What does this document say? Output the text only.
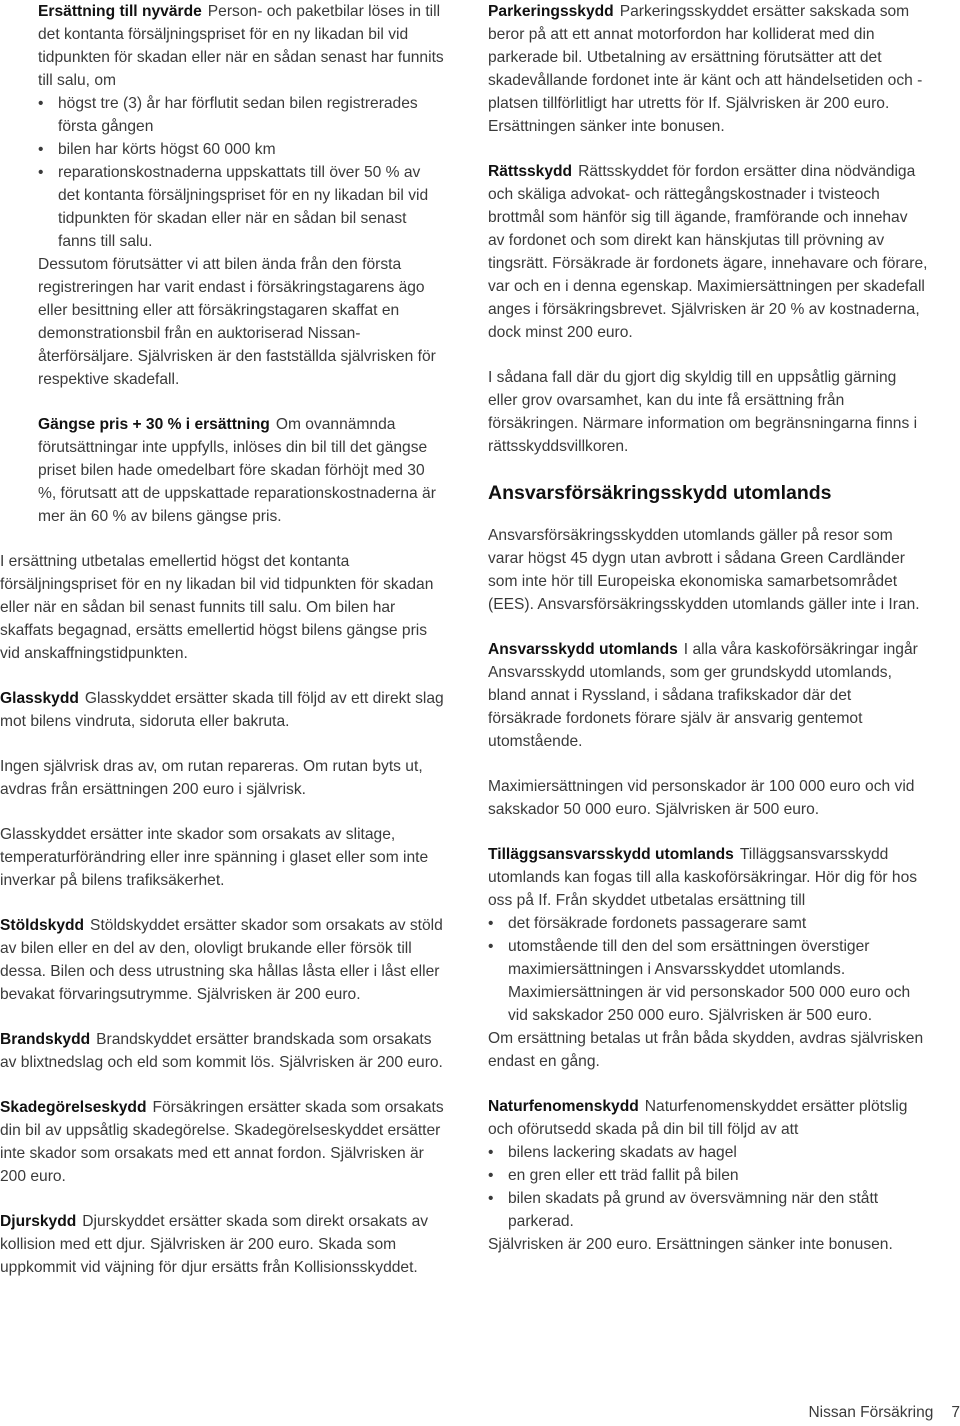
Ersättning till nyvärde Person- och paketbilar löses in till det kontanta försäljningspriset för en ny likadan bil vid tidpunkten för skadan eller när en sådan senast har funnits till salu, om
• högst tre (3) år har förflutit sedan bilen registrerades första gången
• bilen har körts högst 60 000 km
• reparationskostnaderna uppskattats till över 50 % av det kontanta försäljningspriset för en ny likadan bil vid tidpunkten för skadan eller när en sådan bil senast fanns till salu.

Dessutom förutsätter vi att bilen ända från den första registreringen har varit endast i försäkringstagarens ägo eller besittning eller att försäkringstagaren skaffat en demonstrationsbil från en auktoriserad Nissan-återförsäljare. Självrisken är den fastställda självrisken för respektive skadefall.

Gängse pris + 30 % i ersättning Om ovannämnda förutsättningar inte uppfylls, inlöses din bil till det gängse priset bilen hade omedelbart före skadan förhöjt med 30 %, förutsatt att de uppskattade reparationskostnaderna är mer än 60 % av bilens gängse pris.

I ersättning utbetalas emellertid högst det kontanta försäljningspriset för en ny likadan bil vid tidpunkten för skadan eller när en sådan bil senast funnits till salu. Om bilen har skaffats begagnad, ersätts emellertid högst bilens gängse pris vid anskaffningstidpunkten.

Glasskydd Glasskyddet ersätter skada till följd av ett direkt slag mot bilens vindruta, sidoruta eller bakruta.

Ingen självrisk dras av, om rutan repareras. Om rutan byts ut, avdras från ersättningen 200 euro i självrisk.

Glasskyddet ersätter inte skador som orsakats av slitage, temperaturförändring eller inre spänning i glaset eller som inte inverkar på bilens trafiksäkerhet.

Stöldskydd Stöldskyddet ersätter skador som orsakats av stöld av bilen eller en del av den, olovligt brukande eller försök till dessa. Bilen och dess utrustning ska hållas låsta eller i låst eller bevakat förvaringsutrymme. Självrisken är 200 euro.

Brandskydd Brandskyddet ersätter brandskada som orsakats av blixtnedslag och eld som kommit lös. Självrisken är 200 euro.

Skadegörelseskydd Försäkringen ersätter skada som orsakats din bil av uppsåtlig skadegörelse. Skadegörelseskyddet ersätter inte skador som orsakats med ett annat fordon. Självrisken är 200 euro.

Djurskydd Djurskyddet ersätter skada som direkt orsakats av kollision med ett djur. Självrisken är 200 euro. Skada som uppkommit vid väjning för djur ersätts från Kollisionsskyddet.

Parkeringsskydd Parkeringsskyddet ersätter sakskada som beror på att ett annat motorfordon har kolliderat med din parkerade bil. Utbetalning av ersättning förutsätter att det skadevållande fordonet inte är känt och att händelsetiden och -platsen tillförlitligt har utretts för If. Självrisken är 200 euro. Ersättningen sänker inte bonusen.

Rättsskydd Rättsskyddet för fordon ersätter dina nödvändiga och skäliga advokat- och rättegångskostnader i tvisteoch brottmål som hänför sig till ägande, framförande och innehav av fordonet och som direkt kan hänskjutas till prövning av tingsrätt. Försäkrade är fordonets ägare, innehavare och förare, var och en i denna egenskap. Maximiersättningen per skadefall anges i försäkringsbrevet. Självrisken är 20 % av kostnaderna, dock minst 200 euro.

I sådana fall där du gjort dig skyldig till en uppsåtlig gärning eller grov ovarsamhet, kan du inte få ersättning från försäkringen. Närmare information om begränsningarna finns i rättsskyddsvillkoren.

Ansvarsförsäkringsskydd utomlands

Ansvarsförsäkringsskydden utomlands gäller på resor som varar högst 45 dygn utan avbrott i sådana Green Cardländer som inte hör till Europeiska ekonomiska samarbetsområdet (EES). Ansvarsförsäkringsskydden utomlands gäller inte i Iran.

Ansvarsskydd utomlands I alla våra kaskoförsäkringar ingår Ansvarsskydd utomlands, som ger grundskydd utomlands, bland annat i Ryssland, i sådana trafikskador där det försäkrade fordonets förare själv är ansvarig gentemot utomstående.

Maximiersättningen vid personskador är 100 000 euro och vid sakskador 50 000 euro. Självrisken är 500 euro.

Tilläggsansvarsskydd utomlands Tilläggsansvarsskydd utomlands kan fogas till alla kaskoförsäkringar. Hör dig för hos oss på If. Från skyddet utbetalas ersättning till
• det försäkrade fordonets passagerare samt
• utomstående till den del som ersättningen överstiger maximiersättningen i Ansvarsskyddet utomlands. Maximiersättningen är vid personskador 500 000 euro och vid sakskador 250 000 euro. Självrisken är 500 euro.

Om ersättning betalas ut från båda skydden, avdras självrisken endast en gång.

Naturfenomenskydd Naturfenomenskyddet ersätter plötslig och oförutsedd skada på din bil till följd av att
• bilens lackering skadats av hagel
• en gren eller ett träd fallit på bilen
• bilen skadats på grund av översvämning när den stått parkerad.

Självrisken är 200 euro. Ersättningen sänker inte bonusen.

Nissan Försäkring 7
